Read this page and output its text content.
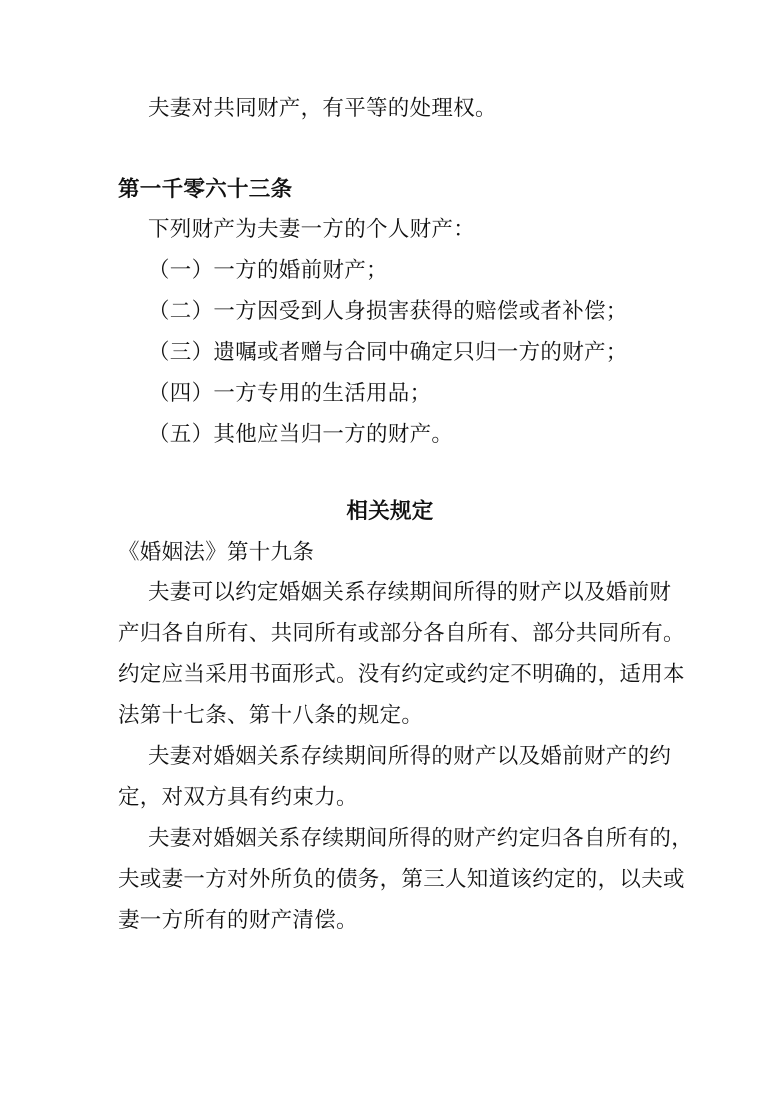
夫妻对共同财产，有平等的处理权。
第一千零六十三条
下列财产为夫妻一方的个人财产：
（一）一方的婚前财产；
（二）一方因受到人身损害获得的赔偿或者补偿；
（三）遗嘱或者赠与合同中确定只归一方的财产；
（四）一方专用的生活用品；
（五）其他应当归一方的财产。
相关规定
《婚姻法》第十九条
夫妻可以约定婚姻关系存续期间所得的财产以及婚前财
产归各自所有、共同所有或部分各自所有、部分共同所有。
约定应当采用书面形式。没有约定或约定不明确的，适用本
法第十七条、第十八条的规定。
夫妻对婚姻关系存续期间所得的财产以及婚前财产的约
定，对双方具有约束力。
夫妻对婚姻关系存续期间所得的财产约定归各自所有的，
夫或妻一方对外所负的债务，第三人知道该约定的，以夫或
妻一方所有的财产清偿。
